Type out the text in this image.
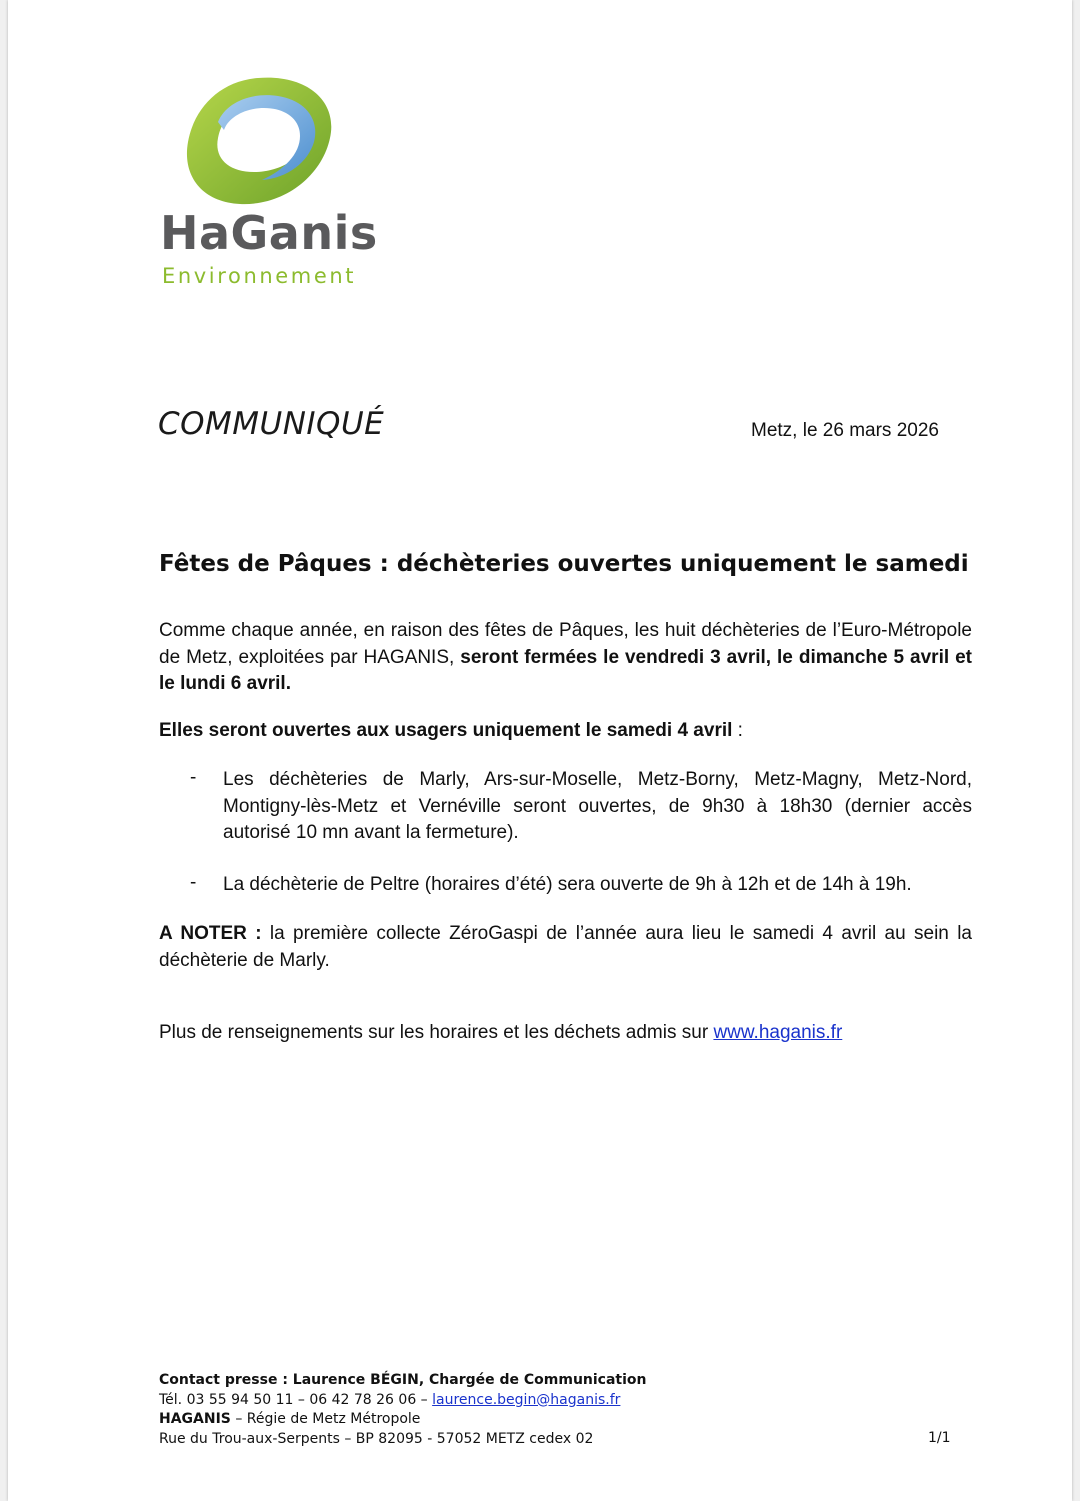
HaGanis
Environnement
COMMUNIQUÉ	Metz, le 26 mars 2026
Fêtes de Pâques : déchèteries ouvertes uniquement le samedi

Comme chaque année, en raison des fêtes de Pâques, les huit déchèteries de l’Euro-Métropole de Metz, exploitées par HAGANIS, seront fermées le vendredi 3 avril, le dimanche 5 avril et le lundi 6 avril.

Elles seront ouvertes aux usagers uniquement le samedi 4 avril :

- Les déchèteries de Marly, Ars-sur-Moselle, Metz-Borny, Metz-Magny, Metz-Nord, Montigny-lès-Metz et Vernéville seront ouvertes, de 9h30 à 18h30 (dernier accès autorisé 10 mn avant la fermeture).
- La déchèterie de Peltre (horaires d’été) sera ouverte de 9h à 12h et de 14h à 19h.

A NOTER : la première collecte ZéroGaspi de l’année aura lieu le samedi 4 avril au sein la déchèterie de Marly.

Plus de renseignements sur les horaires et les déchets admis sur www.haganis.fr

Contact presse : Laurence BÉGIN, Chargée de Communication
Tél. 03 55 94 50 11 – 06 42 78 26 06 – laurence.begin@haganis.fr
HAGANIS – Régie de Metz Métropole
Rue du Trou-aux-Serpents – BP 82095 - 57052 METZ cedex 02	1/1
